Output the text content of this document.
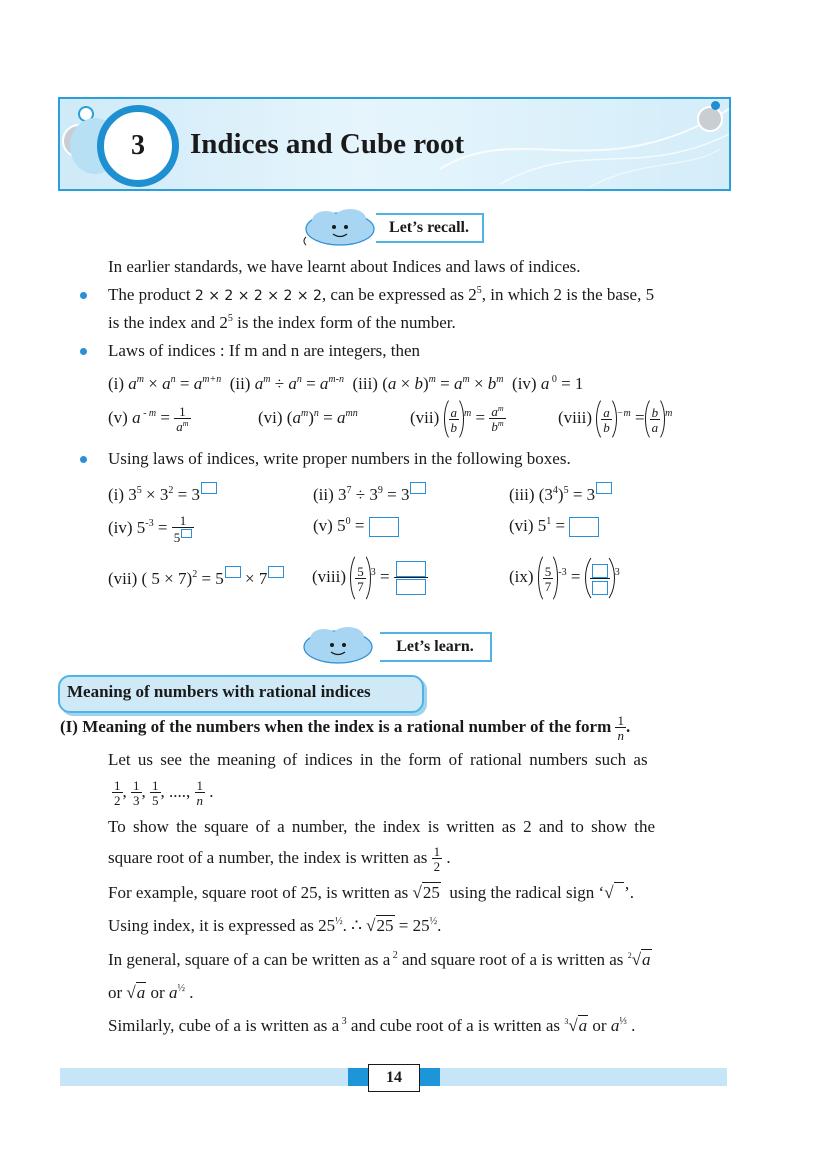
3	Indices and Cube root
Let’s recall.
In earlier standards, we have learnt about Indices and laws of indices.
The product 2 × 2 × 2 × 2 × 2, can be expressed as $2^5$, in which 2 is the base, 5
is the index and $2^5$ is the index form of the number.
Laws of indices : If m and n are integers, then
(i) $a^m \times a^n = a^{m+n}$  (ii) $a^m \div a^n = a^{m-n}$  (iii) $(a \times b)^m = a^m \times b^m$  (iv) a $^0$ = 1
(v) a $^{- m} = \frac{1}{a^m}$	(vi) $(a^m)^n = a^{mn}$	$(vii) \frac{a}{b} ^m = \frac{a^m}{b^m}$	(viii) $\frac{a}{b} ^{-m} = \frac{b}{a} ^m$
Using laws of indices, write proper numbers in the following boxes.
(i) $3^5 \times 3^2 = 3$	(ii) $3^7 \div 3^9 = 3$	(iii) $(3^4)^5 = 3$
(iv) $5^{-3} = \frac{1}{5}$	(v) $5^0$ =	(vi) $5^1$ =
(vii) ( 5 × 7)$^2$ = 5 × 7	(viii) $\frac{5}{7} ^3$ =	$(ix) \frac{5}{7} ^{-3}$ =	$^3$
Let’s learn.
Meaning of numbers with rational indices
(I) Meaning of the numbers when the index is a rational number of the form $\frac{1}{n}$ .
Let us see the meaning of indices in the form of rational numbers such as
$\frac{1}{2}$ , $\frac{1}{3}$ , $\frac{1}{5}$ , ...., $\frac{1}{n}$ .
To show the square of a number, the index is written as 2 and to show the
square root of a number, the index is written as $\frac{1}{2}$ .
For example, square root of 25, is written as √25 using the radical sign ‘√ ’.
Using index, it is expressed as $25^{\frac{1}{2}}$. ∴ $√25 = 25^{\frac{1}{2}}$.
In general, square of a can be written as a $^2$ and square root of a is written as $^2$√a
or √a or $a^{\frac{1}{2}}$ .
Similarly, cube of a is written as a $^3$ and cube root of a is written as $^3$√a or $a^{\frac{1}{3}}$ .
14
